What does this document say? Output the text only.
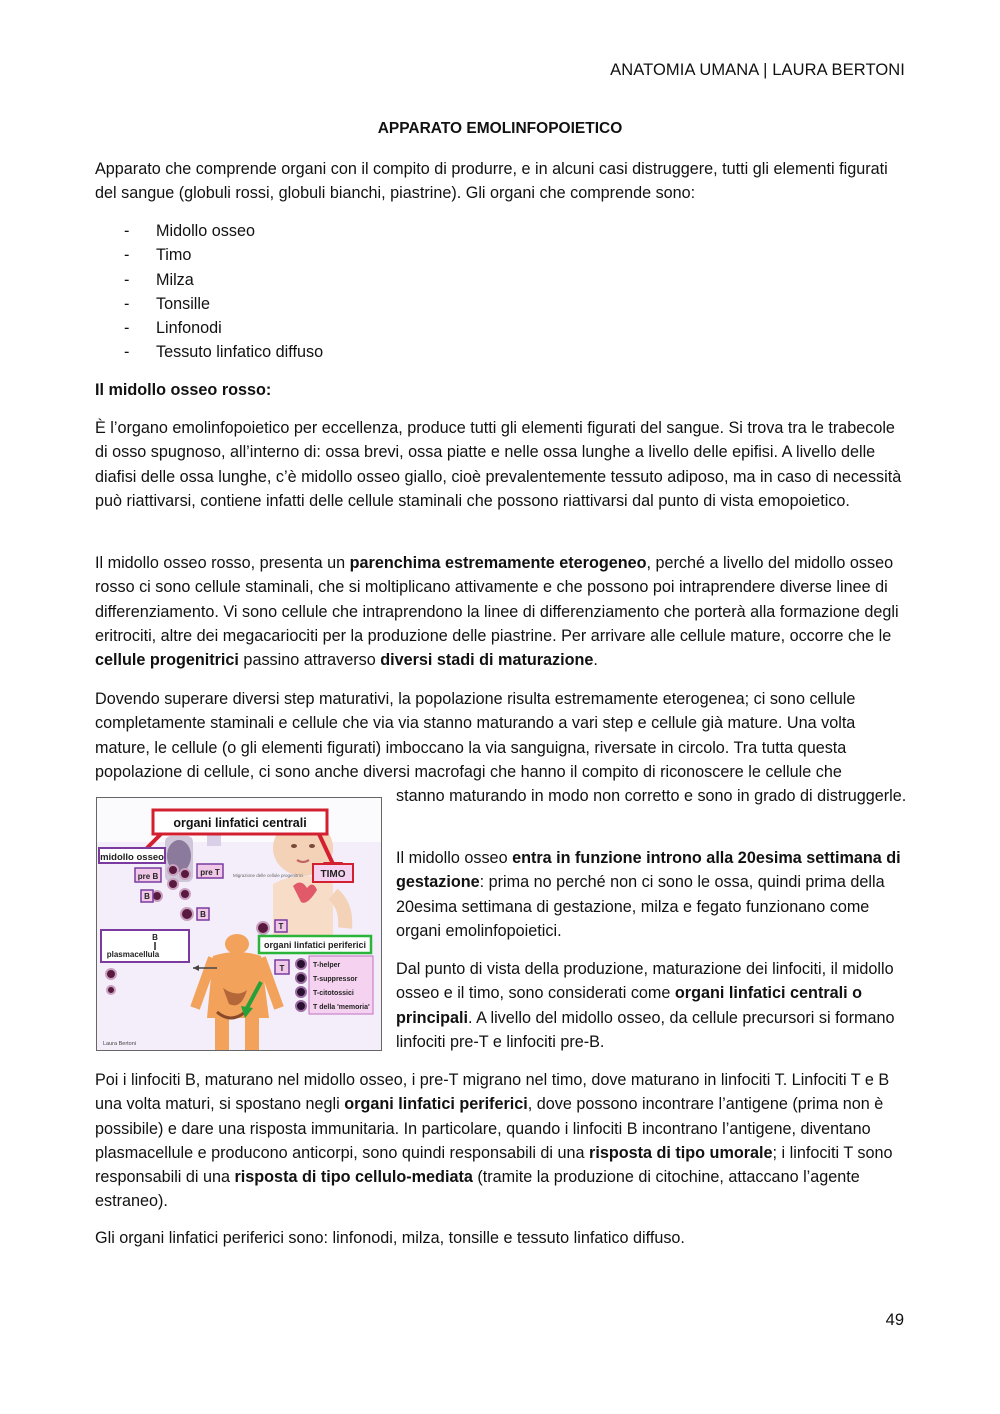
ANATOMIA UMANA | LAURA BERTONI
APPARATO EMOLINFOPOIETICO

Apparato che comprende organi con il compito di produrre, e in alcuni casi distruggere, tutti gli elementi figurati del sangue (globuli rossi, globuli bianchi, piastrine). Gli organi che comprende sono:

- Midollo osseo
- Timo
- Milza
- Tonsille
- Linfonodi
- Tessuto linfatico diffuso

Il midollo osseo rosso:

È l’organo emolinfopoietico per eccellenza, produce tutti gli elementi figurati del sangue. Si trova tra le trabecole di osso spugnoso, all’interno di: ossa brevi, ossa piatte e nelle ossa lunghe a livello delle epifisi. A livello delle diafisi delle ossa lunghe, c’è midollo osseo giallo, cioè prevalentemente tessuto adiposo, ma in caso di necessità può riattivarsi, contiene infatti delle cellule staminali che possono riattivarsi dal punto di vista emopoietico.

Il midollo osseo rosso, presenta un parenchima estremamente eterogeneo, perché a livello del midollo osseo rosso ci sono cellule staminali, che si moltiplicano attivamente e che possono poi intraprendere diverse linee di differenziamento. Vi sono cellule che intraprendono la linee di differenziamento che porterà alla formazione degli eritrociti, altre dei megacariociti per la produzione delle piastrine. Per arrivare alle cellule mature, occorre che le cellule progenitrici passino attraverso diversi stadi di maturazione.

Dovendo superare diversi step maturativi, la popolazione risulta estremamente eterogenea; ci sono cellule completamente staminali e cellule che via via stanno maturando a vari step e cellule già mature. Una volta mature, le cellule (o gli elementi figurati) imboccano la via sanguigna, riversate in circolo. Tra tutta questa popolazione di cellule, ci sono anche diversi macrofagi che hanno il compito di riconoscere le cellule che

stanno maturando in modo non corretto e sono in grado di distruggerle.

Il midollo osseo entra in funzione introno alla 20esima settimana di gestazione: prima no perché non ci sono le ossa, quindi prima della 20esima settimana di gestazione, milza e fegato funzionano come organi emolinfopoietici.

Dal punto di vista della produzione, maturazione dei linfociti, il midollo osseo e il timo, sono considerati come organi linfatici centrali o principali. A livello del midollo osseo, da cellule precursori si formano linfociti pre-T e linfociti pre-B.

organi linfatici centrali
midollo osseo
TIMO
pre B	pre T	Migrazione delle cellule progenitrici
B
B
T
B
plasmacellula
organi linfatici periferici
T	T-helper
T-suppressor
T-citotossici
T della 'memoria'
Laura Bertoni

Poi i linfociti B, maturano nel midollo osseo, i pre-T migrano nel timo, dove maturano in linfociti T. Linfociti T e B una volta maturi, si spostano negli organi linfatici periferici, dove possono incontrare l’antigene (prima non è possibile) e dare una risposta immunitaria. In particolare, quando i linfociti B incontrano l’antigene, diventano plasmacellule e producono anticorpi, sono quindi responsabili di una risposta di tipo umorale; i linfociti T sono responsabili di una risposta di tipo cellulo-mediata (tramite la produzione di citochine, attaccano l’agente estraneo).

Gli organi linfatici periferici sono: linfonodi, milza, tonsille e tessuto linfatico diffuso.

49
